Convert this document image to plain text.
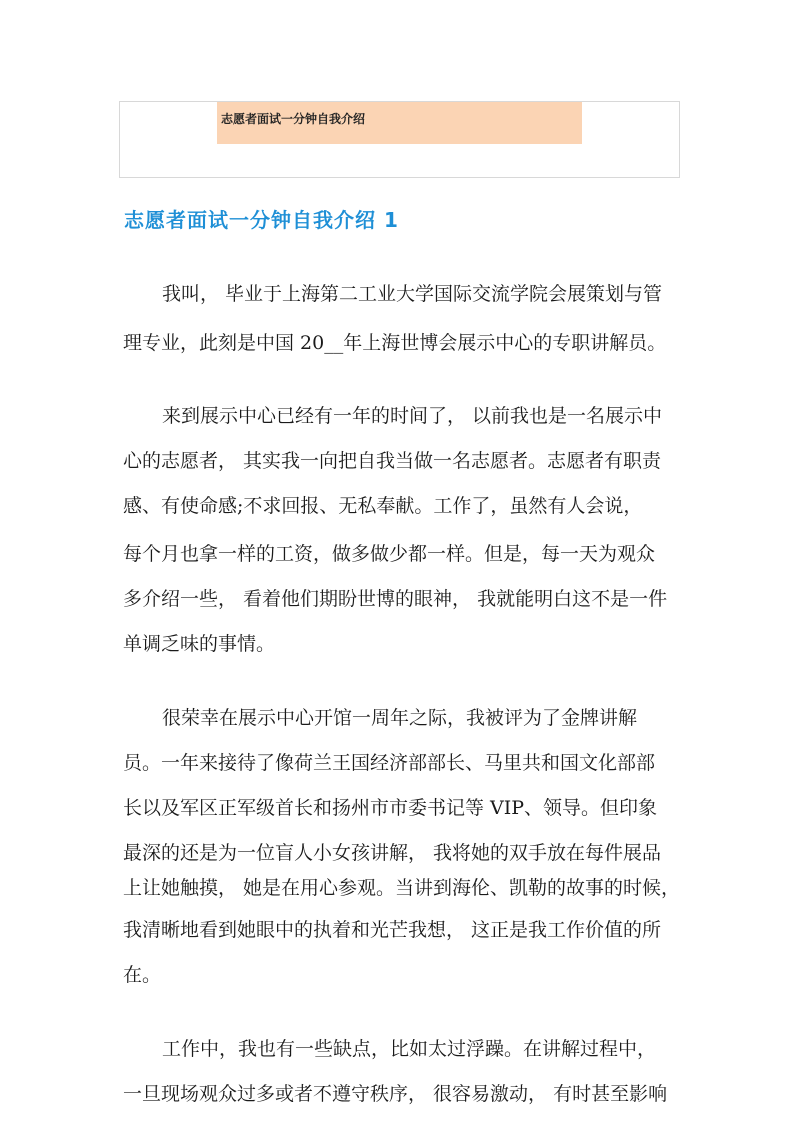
志愿者面试一分钟自我介绍
志愿者面试一分钟自我介绍 1
我叫， 毕业于上海第二工业大学国际交流学院会展策划与管
理专业，此刻是中国 20__年上海世博会展示中心的专职讲解员。
来到展示中心已经有一年的时间了， 以前我也是一名展示中
心的志愿者， 其实我一向把自我当做一名志愿者。志愿者有职责
感、有使命感;不求回报、无私奉献。工作了，虽然有人会说，
每个月也拿一样的工资，做多做少都一样。但是，每一天为观众
多介绍一些， 看着他们期盼世博的眼神， 我就能明白这不是一件
单调乏味的事情。
很荣幸在展示中心开馆一周年之际，我被评为了金牌讲解
员。一年来接待了像荷兰王国经济部部长、马里共和国文化部部
长以及军区正军级首长和扬州市市委书记等 VIP、领导。但印象
最深的还是为一位盲人小女孩讲解， 我将她的双手放在每件展品
上让她触摸， 她是在用心参观。当讲到海伦、凯勒的故事的时候，
我清晰地看到她眼中的执着和光芒我想， 这正是我工作价值的所
在。
工作中，我也有一些缺点，比如太过浮躁。在讲解过程中，
一旦现场观众过多或者不遵守秩序， 很容易激动， 有时甚至影响
